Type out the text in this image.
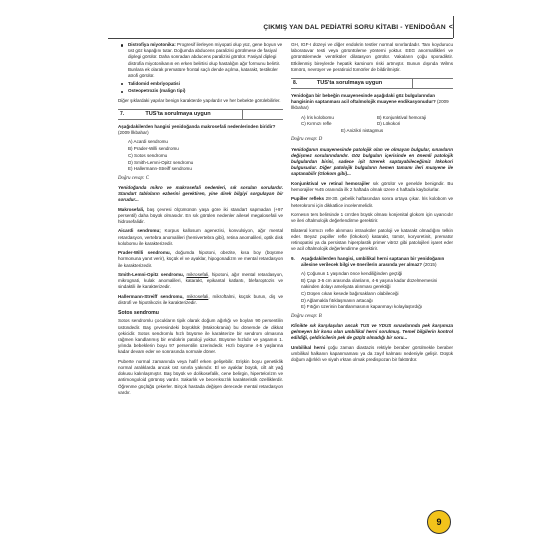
ÇIKMIŞ YAN DAL PEDİATRİ SORU KİTABI - YENİDOĞAN <
Distrofiya miyotonika: Progresif ilerleyen miyopati olup yüz, gene boyun ve üst göz kapağını tutar. Doğumda abducens paralizisi görülmese de fasiyal diplegi görülür. Daha sonradan abducens paralizisi görülür. Fasiyal diplegi distrofia miyotonikanın en erken belirtisi olup hastalığın ağır formunu belirtir. Bunlara ek olarak prematüre frontal saçlı dende açılma, katarakt, testiküler atrofi görülür.
Talidomid embriyopatisi
Osteopetrozis (malign tipi)

Diğer şıklardaki yapılar benign karakterde yapılardır ve her bebekte görülebilirler.

7.	TUS'ta sorulmaya uygun
Aşağıdakilerden hangisi yenidoğanda makrosefali nedenlerinden biridir? (2009 İlkbahar)
A) Acardi sendromu
B) Prader-Willi sendromu
C) Sotos sendromu
D) Smith-Lemni-Opitz sendromu
E) Hallermann-Streiff sendromu
Doğru cevap: C

Yenidoğanda mikro ve makrosefali nedenleri, sık sorulan sorulardır. Standart tabloların ezberini gerektiren, yine direk bilgiyi sorgulayan bir sorudur...

Makrosefali, baş çevresi ölçümünün yaşa göre iki standart sapmadan (+97 persentil) daha büyük olmasıdır. En sık görülen nedenler ailesel megalosefali ve hidrosefalidir.

Aicardi sendromu; Korpus kallosum agenezisi, konvulsiyon, ağır mental retardasyon, vertebra anomalileri (hemivertebra gibi), retina anomalileri, optik disk kolobomu ile karakterizedir.

Prader-Willi sendromu, doğumda hipotoni, obezite, kısa boy (büyüme hormonuna yanıt verir), küçük el ve ayaklar, hipogonadizm ve mental retardasyon ile karakterizedir.

Smith-Lemni-Opitz sendromu, mikrosefali, hipotoni, ağır mental retardasyon, mikrognati, kulak anomalileri, katarakt, epikantal katlantı, blefaroptozis ve sindaktili ile karakterizedir.

Hallermann-Streiff sendromu, mikrosefali, mikroftalmi, küçük burun, diş ve distrofi ve hipotrikozis ile karakterizedir.

Sotos sendromu

Sotos sendromlu çocukların tipik olarak doğum ağırlığı ve boyları 90 persentilin üstündedir. Baş çevresindeki büyüklük (Makrokrania) bu dönemde de dikkat çekicidir. Sotos sendromlu hızlı büyüme ile karakterize bir sendrom olmasına rağmen kandlarımış bir endokrin patoloji yoktur. Büyüme hızlıdır ve yaşamın 1. yılında bebeklerin boyu 97 persentilin üzerindedir. Hızlı büyüme 4-5 yaşlarına kadar devam eder ve sonrasında normale döner.

Puberte normal zamanında veya hafif erken gelişebilir. Erişkin boyu genetiklik normal aralıklarda ancak üst sınırla yakındır. El ve ayaklar büyük, cilt alt yağ dokusu kalınlaşmıştır. Baş büyük ve dolikosefalik, cene belirgin, hipertelorizm ve antimongoloid görünüş vardır. Sakarlık ve becerıksızlık karakteristik özelliklerdir. Öğrenme güçlüğü çekerler. Birçok hastada değişen derecede mental retardasyon vardır.

GH, IGF-I düzeyi ve diğer endokrin testler normal sınırlardadır. Tanı koydurucu laboratuvar testi veya görüntüleme yöntemi yoktur. EEG anormallikleri ve görüntülemede ventriküler dilatasyon görülür. Vakaların çoğu sporadiktir. Etkilenmiş bireylerde hepatik karsinom riski artmıştır. Bunun dışında Wilms tümörü, nevrüyer ve peratiroid tümörler de bildirilmiştir.

8.	TUS'ta sorulmaya uygun
Yenidoğan bir bebeğin muayenesinde aşağıdaki göz bulgularından hangisinin saptanması acil oftalmolojik muayene endikasyonudur? (2009 İlkbahar)
A) İris kolobomu	B) Konjunktival hemoraji
C) Kırmızı refle	D) Lökokori
E) Anizikri nistagmus
Doğru cevap: D

Yenidoğanın muayenesinde patolojik olan ve olmayan bulgular, sınavların değişmez sorularındandır. Göz bulguları içerisinde en önemli patolojik bulgulardan birini, sadece işit türerek saptayabileceğimiz lökokori bulgusudur. Diğer patolojik bulguların hemen tamamı ileri muayene ile saptanabilir (Glokom gibi)...

Konjunktival ve retinal hemorajiler sık görülür ve genelde benigndir. Bu hemorajiler %45 oranında ilk 2 haftada olmak üzere 4 haftada kaybolurlar.

Pupiller refleks 28-30. gebelik haftasından sonra ortaya çıkar. İris kolobom ve heterokromi için dikkatlice incelenmelidir.

Kornesın ters belirsinde 1 cm'den büyük olması konjenital glokom için uyarıcıdır ve ileri oftalmolojik değerlendirme gerektirir.

Bilateral kırmızı refle alınması intraoküler patoloji ve katarakt olmadığını telkin eder. Beyaz pupiller refle (lökokori) katarakt, tümör, koryoretinit, prematür retinopatisi ya da persistan hiperplastik primer vitröz gibi patolojileri işaret eder ve acil oftalmolojik değerlendirme gerektirir.

9.	Aşağıdakilerden hangisi, umbilikal herni saptanan bir yenidoğanın ailesine verilecek bilgi ve önerilerin arasında yer almaz? (2015)
A) Çoğunun 1 yaşından önce kendiliğinden geçtiği
B) Çapı 3-5 cm arasında olanların, 4-6 yaşına kadar düzelmemesini nakinden dolayı ameliyata alınması gerektiği
C) Düşen cıkan kesede bağırsakların olabileceği
D) Ağlamakla fıtıklaşmanın artacağı
E) Fıtığın üzerinin bantlanmasının kapanmayı kolaylaştırdığı
Doğru cevap: B

Klinikte sık karşılaşılan ancak TUS ve YDUS sınavlarında pek karşımıza gelmeyen bir konu olan umbilikal herni sorulmuş. Temel bilgilerin kontrol edildiği, çeldiricilerin pek de güçlü olmadığı bir soru...

Umbilikal herni çoğu zaman diastazis rektiyle beraber görülmekle beraber umbilikal halkanın kapanmaması ya da zayıf kalması nedeniyle gelişir. Düşük doğum ağırlıklı ve siyah ırktan olmak predispozan bir faktördür.

9
